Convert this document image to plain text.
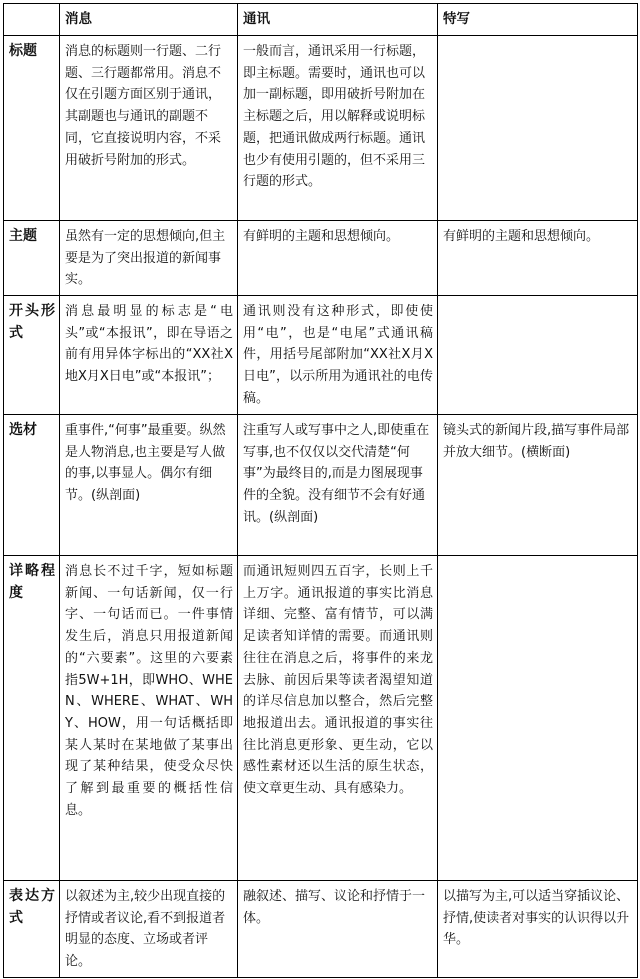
	消息	通讯	特写
标题	消息的标题则一行题、二行题、三行题都常用。消息不仅在引题方面区别于通讯，其副题也与通讯的副题不同，它直接说明内容，不采用破折号附加的形式。	一般而言，通讯采用一行标题，即主标题。需要时，通讯也可以加一副标题，即用破折号附加在主标题之后，用以解释或说明标题，把通讯做成两行标题。通讯也少有使用引题的，但不采用三行题的形式。	
主题	虽然有一定的思想倾向,但主要是为了突出报道的新闻事实。	有鲜明的主题和思想倾向。	有鲜明的主题和思想倾向。
开头形式	消息最明显的标志是“电头”或“本报讯”，即在导语之前有用异体字标出的“XX社X地X月X日电”或“本报讯”；	通讯则没有这种形式，即使使用“电”，也是“电尾”式通讯稿件，用括号尾部附加“XX社X月X日电”，以示所用为通讯社的电传稿。	
选材	重事件,“何事”最重要。纵然是人物消息,也主要是写人做的事,以事显人。偶尔有细节。(纵剖面)	注重写人或写事中之人,即使重在写事,也不仅仅以交代清楚“何事”为最终目的,而是力图展现事件的全貌。没有细节不会有好通讯。(纵剖面)	镜头式的新闻片段,描写事件局部并放大细节。(横断面)
详略程度	消息长不过千字，短如标题新闻、一句话新闻，仅一行字、一句话而已。一件事情发生后，消息只用报道新闻的“六要素”。这里的六要素指5W+1H，即WHO、WHEN、WHERE、WHAT、WHY、HOW，用一句话概括即某人某时在某地做了某事出现了某种结果，使受众尽快了解到最重要的概括性信息。	而通讯短则四五百字，长则上千上万字。通讯报道的事实比消息详细、完整、富有情节，可以满足读者知详情的需要。而通讯则往往在消息之后，将事件的来龙去脉、前因后果等读者渴望知道的详尽信息加以整合，然后完整地报道出去。通讯报道的事实往往比消息更形象、更生动，它以感性素材还以生活的原生状态，使文章更生动、具有感染力。	
表达方式	以叙述为主,较少出现直接的抒情或者议论,看不到报道者明显的态度、立场或者评论。	融叙述、描写、议论和抒情于一体。	以描写为主,可以适当穿插议论、抒情,使读者对事实的认识得以升华。
